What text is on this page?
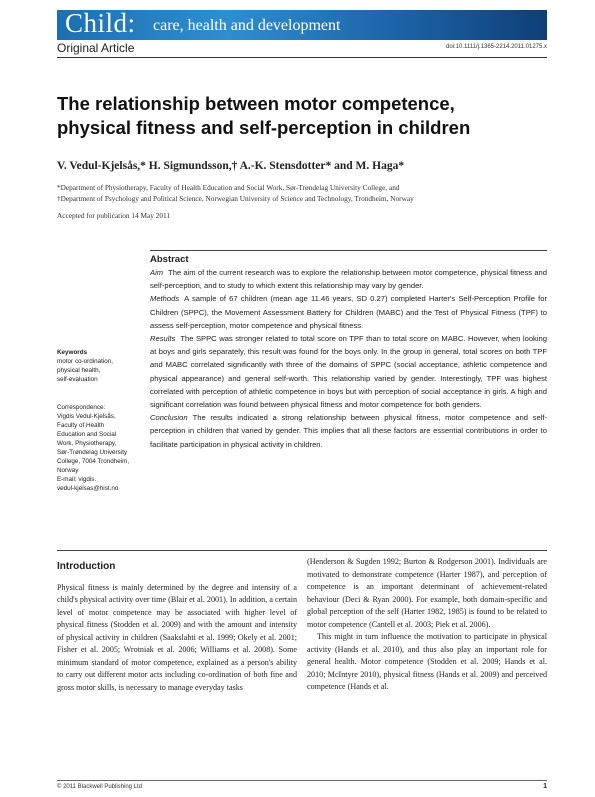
Child: care, health and development
Original Article	doi:10.1111/j.1365-2214.2011.01275.x
The relationship between motor competence, physical fitness and self-perception in children
V. Vedul-Kjelsås,* H. Sigmundsson,† A.-K. Stensdotter* and M. Haga*
*Department of Physiotherapy, Faculty of Health Education and Social Work, Sør-Trøndelag University College, and
†Department of Psychology and Political Science, Norwegian University of Science and Technology, Trondheim, Norway
Accepted for publication 14 May 2011
Abstract

Aim The aim of the current research was to explore the relationship between motor competence, physical fitness and self-perception, and to study to which extent this relationship may vary by gender.

Methods A sample of 67 children (mean age 11.46 years, SD 0.27) completed Harter's Self-Perception Profile for Children (SPPC), the Movement Assessment Battery for Children (MABC) and the Test of Physical Fitness (TPF) to assess self-perception, motor competence and physical fitness.

Results The SPPC was stronger related to total score on TPF than to total score on MABC. However, when looking at boys and girls separately, this result was found for the boys only. In the group in general, total scores on both TPF and MABC correlated significantly with three of the domains of SPPC (social acceptance, athletic competence and physical appearance) and general self-worth. This relationship varied by gender. Interestingly, TPF was highest correlated with perception of athletic competence in boys but with perception of social acceptance in girls. A high and significant correlation was found between physical fitness and motor competence for both genders.

Conclusion The results indicated a strong relationship between physical fitness, motor competence and self-perception in children that varied by gender. This implies that all these factors are essential contributions in order to facilitate participation in physical activity in children.

Keywords
motor co-ordination,
physical health,
self-evaluation
Correspondence:
Vigdis Vedul-Kjelsås,
Faculty of Health
Education and Social
Work, Physiotherapy,
Sør-Trøndelag University
College, 7004 Trondheim,
Norway
E-mail: vigdis.
vedul-kjelsas@hist.no
Introduction

Physical fitness is mainly determined by the degree and intensity of a child's physical activity over time (Blair et al. 2001). In addition, a certain level of motor competence may be associated with higher level of physical fitness (Stodden et al. 2009) and with the amount and intensity of physical activity in children (Saakslahti et al. 1999; Okely et al. 2001; Fisher et al. 2005; Wrotniak et al. 2006; Williams et al. 2008). Some minimum standard of motor competence, explained as a person's ability to carry out different motor acts including co-ordination of both fine and gross motor skills, is necessary to manage everyday tasks

(Henderson & Sugden 1992; Burton & Rodgerson 2001). Individuals are motivated to demonstrate competence (Harter 1987), and perception of competence is an important determinant of achievement-related behaviour (Deci & Ryan 2000). For example, both domain-specific and global perception of the self (Harter 1982, 1985) is found to be related to motor competence (Cantell et al. 2003; Piek et al. 2006).

This might in turn influence the motivation to participate in physical activity (Hands et al. 2010), and thus also play an important role for general health. Motor competence (Stodden et al. 2009; Hands et al. 2010; McIntyre 2010), physical fitness (Hands et al. 2009) and perceived competence (Hands et al.

© 2011 Blackwell Publishing Ltd	1
